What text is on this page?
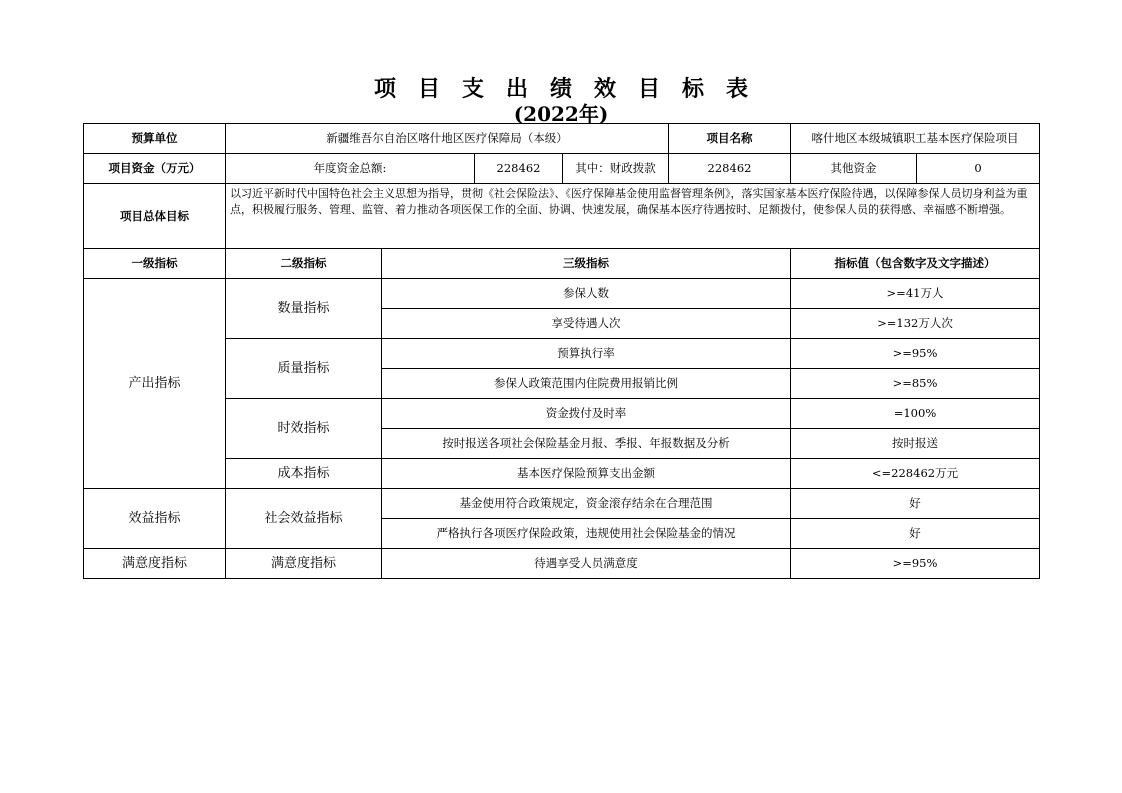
项目支出绩效目标表
(2022年)
预算单位	新疆维吾尔自治区喀什地区医疗保障局（本级）				项目名称	喀什地区本级城镇职工基本医疗保险项目	
项目资金（万元）	年度资金总额:		228462	其中：财政拨款	228462	其他资金	0
项目总体目标	以习近平新时代中国特色社会主义思想为指导，贯彻《社会保险法》、《医疗保障基金使用监督管理条例》，落实国家基本医疗保险待遇，以保障参保人员切身利益为重点，积极履行服务、管理、监管、着力推动各项医保工作的全面、协调、快速发展，确保基本医疗待遇按时、足额拨付，使参保人员的获得感、幸福感不断增强。						
一级指标	二级指标	三级指标				指标值（包含数字及文字描述）	
产出指标	数量指标	参保人数				>=41万人	
		享受待遇人次				>=132万人次	
	质量指标	预算执行率				>=95%	
		参保人政策范围内住院费用报销比例				>=85%	
	时效指标	资金拨付及时率				=100%	
		按时报送各项社会保险基金月报、季报、年报数据及分析				按时报送	
	成本指标	基本医疗保险预算支出金额				<=228462万元	
效益指标	社会效益指标	基金使用符合政策规定，资金滚存结余在合理范围				好	
		严格执行各项医疗保险政策，违规使用社会保险基金的情况				好	
满意度指标	满意度指标	待遇享受人员满意度				>=95%	
